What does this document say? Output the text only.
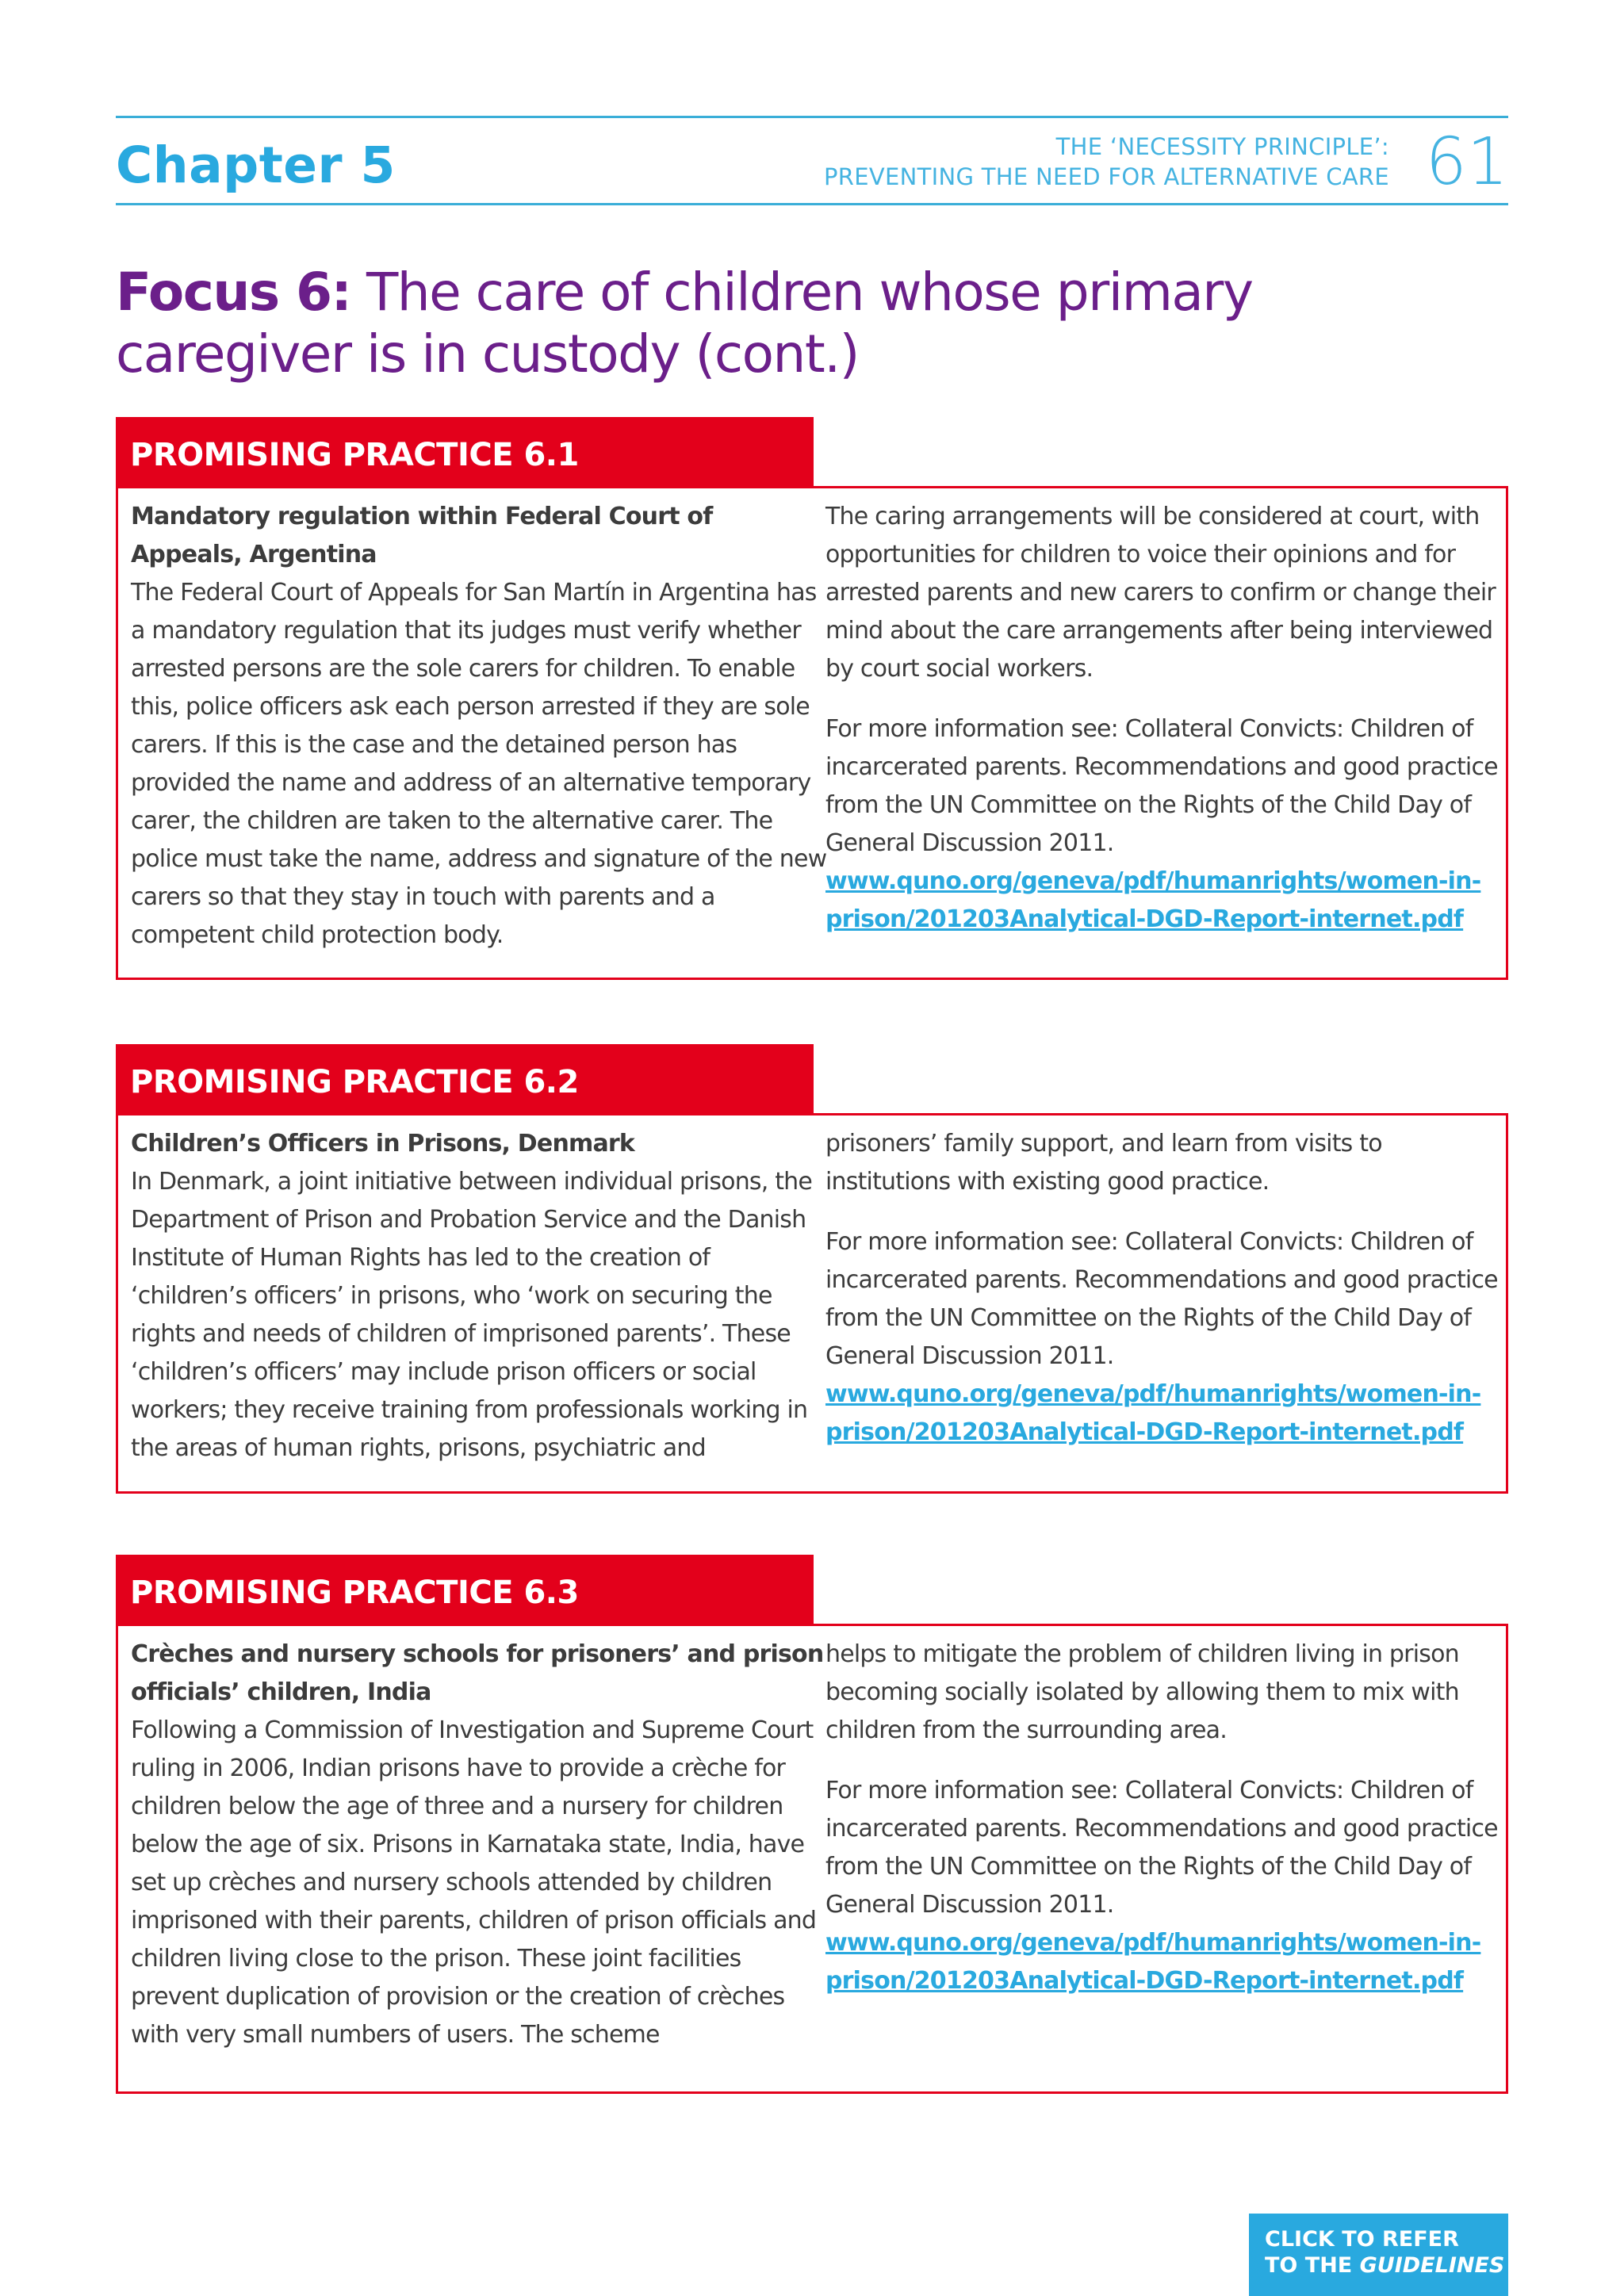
Chapter 5	THE ‘NECESSITY PRINCIPLE’:
PREVENTING THE NEED FOR ALTERNATIVE CARE 61
Focus 6: The care of children whose primary
caregiver is in custody (cont.)
PROMISING PRACTICE 6.1

Mandatory regulation within Federal Court of Appeals, Argentina

The Federal Court of Appeals for San Martín in Argentina has a mandatory regulation that its judges must verify whether arrested persons are the sole carers for children. To enable this, police officers ask each person arrested if they are sole carers. If this is the case and the detained person has provided the name and address of an alternative temporary carer, the children are taken to the alternative carer. The police must take the name, address and signature of the new carers so that they stay in touch with parents and a competent child protection body.

The caring arrangements will be considered at court, with opportunities for children to voice their opinions and for arrested parents and new carers to confirm or change their mind about the care arrangements after being interviewed by court social workers.

For more information see: Collateral Convicts: Children of incarcerated parents. Recommendations and good practice from the UN Committee on the Rights of the Child Day of General Discussion 2011. www.quno.org/geneva/pdf/humanrights/women-in-prison/201203Analytical-DGD-Report-internet.pdf

PROMISING PRACTICE 6.2

Children’s Officers in Prisons, Denmark

In Denmark, a joint initiative between individual prisons, the Department of Prison and Probation Service and the Danish Institute of Human Rights has led to the creation of ‘children’s officers’ in prisons, who ‘work on securing the rights and needs of children of imprisoned parents’. These ‘children’s officers’ may include prison officers or social workers; they receive training from professionals working in the areas of human rights, prisons, psychiatric and

prisoners’ family support, and learn from visits to institutions with existing good practice.

For more information see: Collateral Convicts: Children of incarcerated parents. Recommendations and good practice from the UN Committee on the Rights of the Child Day of General Discussion 2011. www.quno.org/geneva/pdf/humanrights/women-in-prison/201203Analytical-DGD-Report-internet.pdf

PROMISING PRACTICE 6.3

Crèches and nursery schools for prisoners’ and prison officials’ children, India

Following a Commission of Investigation and Supreme Court ruling in 2006, Indian prisons have to provide a crèche for children below the age of three and a nursery for children below the age of six. Prisons in Karnataka state, India, have set up crèches and nursery schools attended by children imprisoned with their parents, children of prison officials and children living close to the prison. These joint facilities prevent duplication of provision or the creation of crèches with very small numbers of users. The scheme

helps to mitigate the problem of children living in prison becoming socially isolated by allowing them to mix with children from the surrounding area.

For more information see: Collateral Convicts: Children of incarcerated parents. Recommendations and good practice from the UN Committee on the Rights of the Child Day of General Discussion 2011. www.quno.org/geneva/pdf/humanrights/women-in-prison/201203Analytical-DGD-Report-internet.pdf

CLICK TO REFER
TO THE GUIDELINES
